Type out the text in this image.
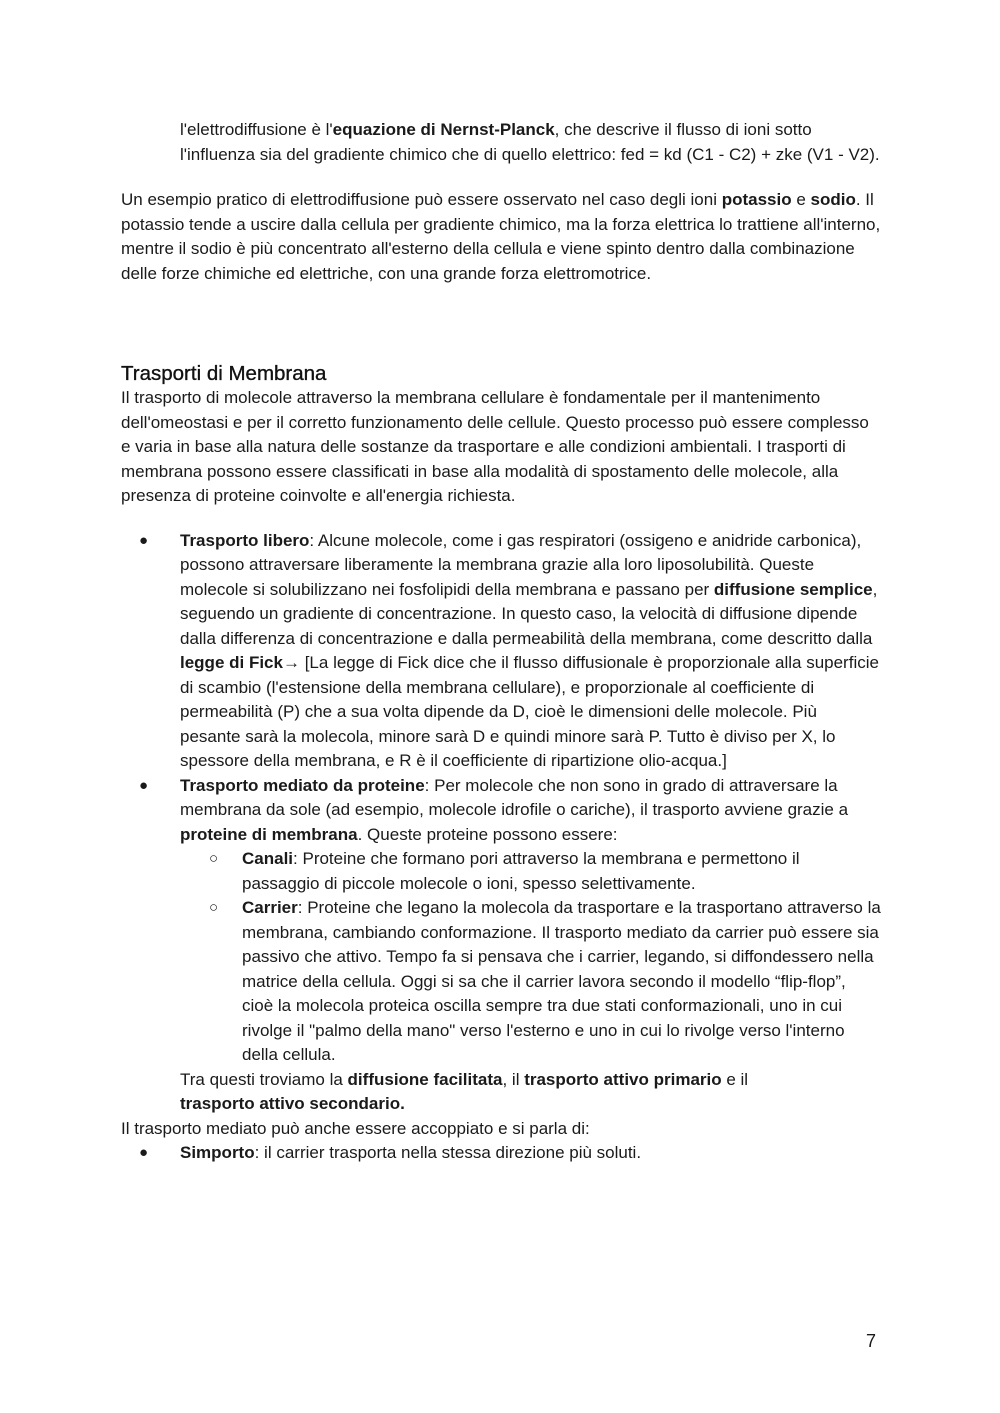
l'elettrodiffusione è l'equazione di Nernst-Planck, che descrive il flusso di ioni sotto l'influenza sia del gradiente chimico che di quello elettrico: fed = kd (C1 - C2) + zke (V1 - V2).

Un esempio pratico di elettrodiffusione può essere osservato nel caso degli ioni potassio e sodio. Il potassio tende a uscire dalla cellula per gradiente chimico, ma la forza elettrica lo trattiene all'interno, mentre il sodio è più concentrato all'esterno della cellula e viene spinto dentro dalla combinazione delle forze chimiche ed elettriche, con una grande forza elettromotrice.

Trasporti di Membrana

Il trasporto di molecole attraverso la membrana cellulare è fondamentale per il mantenimento dell'omeostasi e per il corretto funzionamento delle cellule. Questo processo può essere complesso e varia in base alla natura delle sostanze da trasportare e alle condizioni ambientali. I trasporti di membrana possono essere classificati in base alla modalità di spostamento delle molecole, alla presenza di proteine coinvolte e all'energia richiesta.

● Trasporto libero: Alcune molecole, come i gas respiratori (ossigeno e anidride carbonica), possono attraversare liberamente la membrana grazie alla loro liposolubilità. Queste molecole si solubilizzano nei fosfolipidi della membrana e passano per diffusione semplice, seguendo un gradiente di concentrazione. In questo caso, la velocità di diffusione dipende dalla differenza di concentrazione e dalla permeabilità della membrana, come descritto dalla legge di Fick→ [La legge di Fick dice che il flusso diffusionale è proporzionale alla superficie di scambio (l'estensione della membrana cellulare), e proporzionale al coefficiente di permeabilità (P) che a sua volta dipende da D, cioè le dimensioni delle molecole. Più pesante sarà la molecola, minore sarà D e quindi minore sarà P. Tutto è diviso per X, lo spessore della membrana, e R è il coefficiente di ripartizione olio-acqua.]
● Trasporto mediato da proteine: Per molecole che non sono in grado di attraversare la membrana da sole (ad esempio, molecole idrofile o cariche), il trasporto avviene grazie a proteine di membrana. Queste proteine possono essere:
○ Canali: Proteine che formano pori attraverso la membrana e permettono il passaggio di piccole molecole o ioni, spesso selettivamente.
○ Carrier: Proteine che legano la molecola da trasportare e la trasportano attraverso la membrana, cambiando conformazione. Il trasporto mediato da carrier può essere sia passivo che attivo. Tempo fa si pensava che i carrier, legando, si diffondessero nella matrice della cellula. Oggi si sa che il carrier lavora secondo il modello “flip-flop”, cioè la molecola proteica oscilla sempre tra due stati conformazionali, uno in cui rivolge il "palmo della mano" verso l'esterno e uno in cui lo rivolge verso l'interno della cellula.

Tra questi troviamo la diffusione facilitata, il trasporto attivo primario e il
trasporto attivo secondario.

Il trasporto mediato può anche essere accoppiato e si parla di:

● Simporto: il carrier trasporta nella stessa direzione più soluti.
7
